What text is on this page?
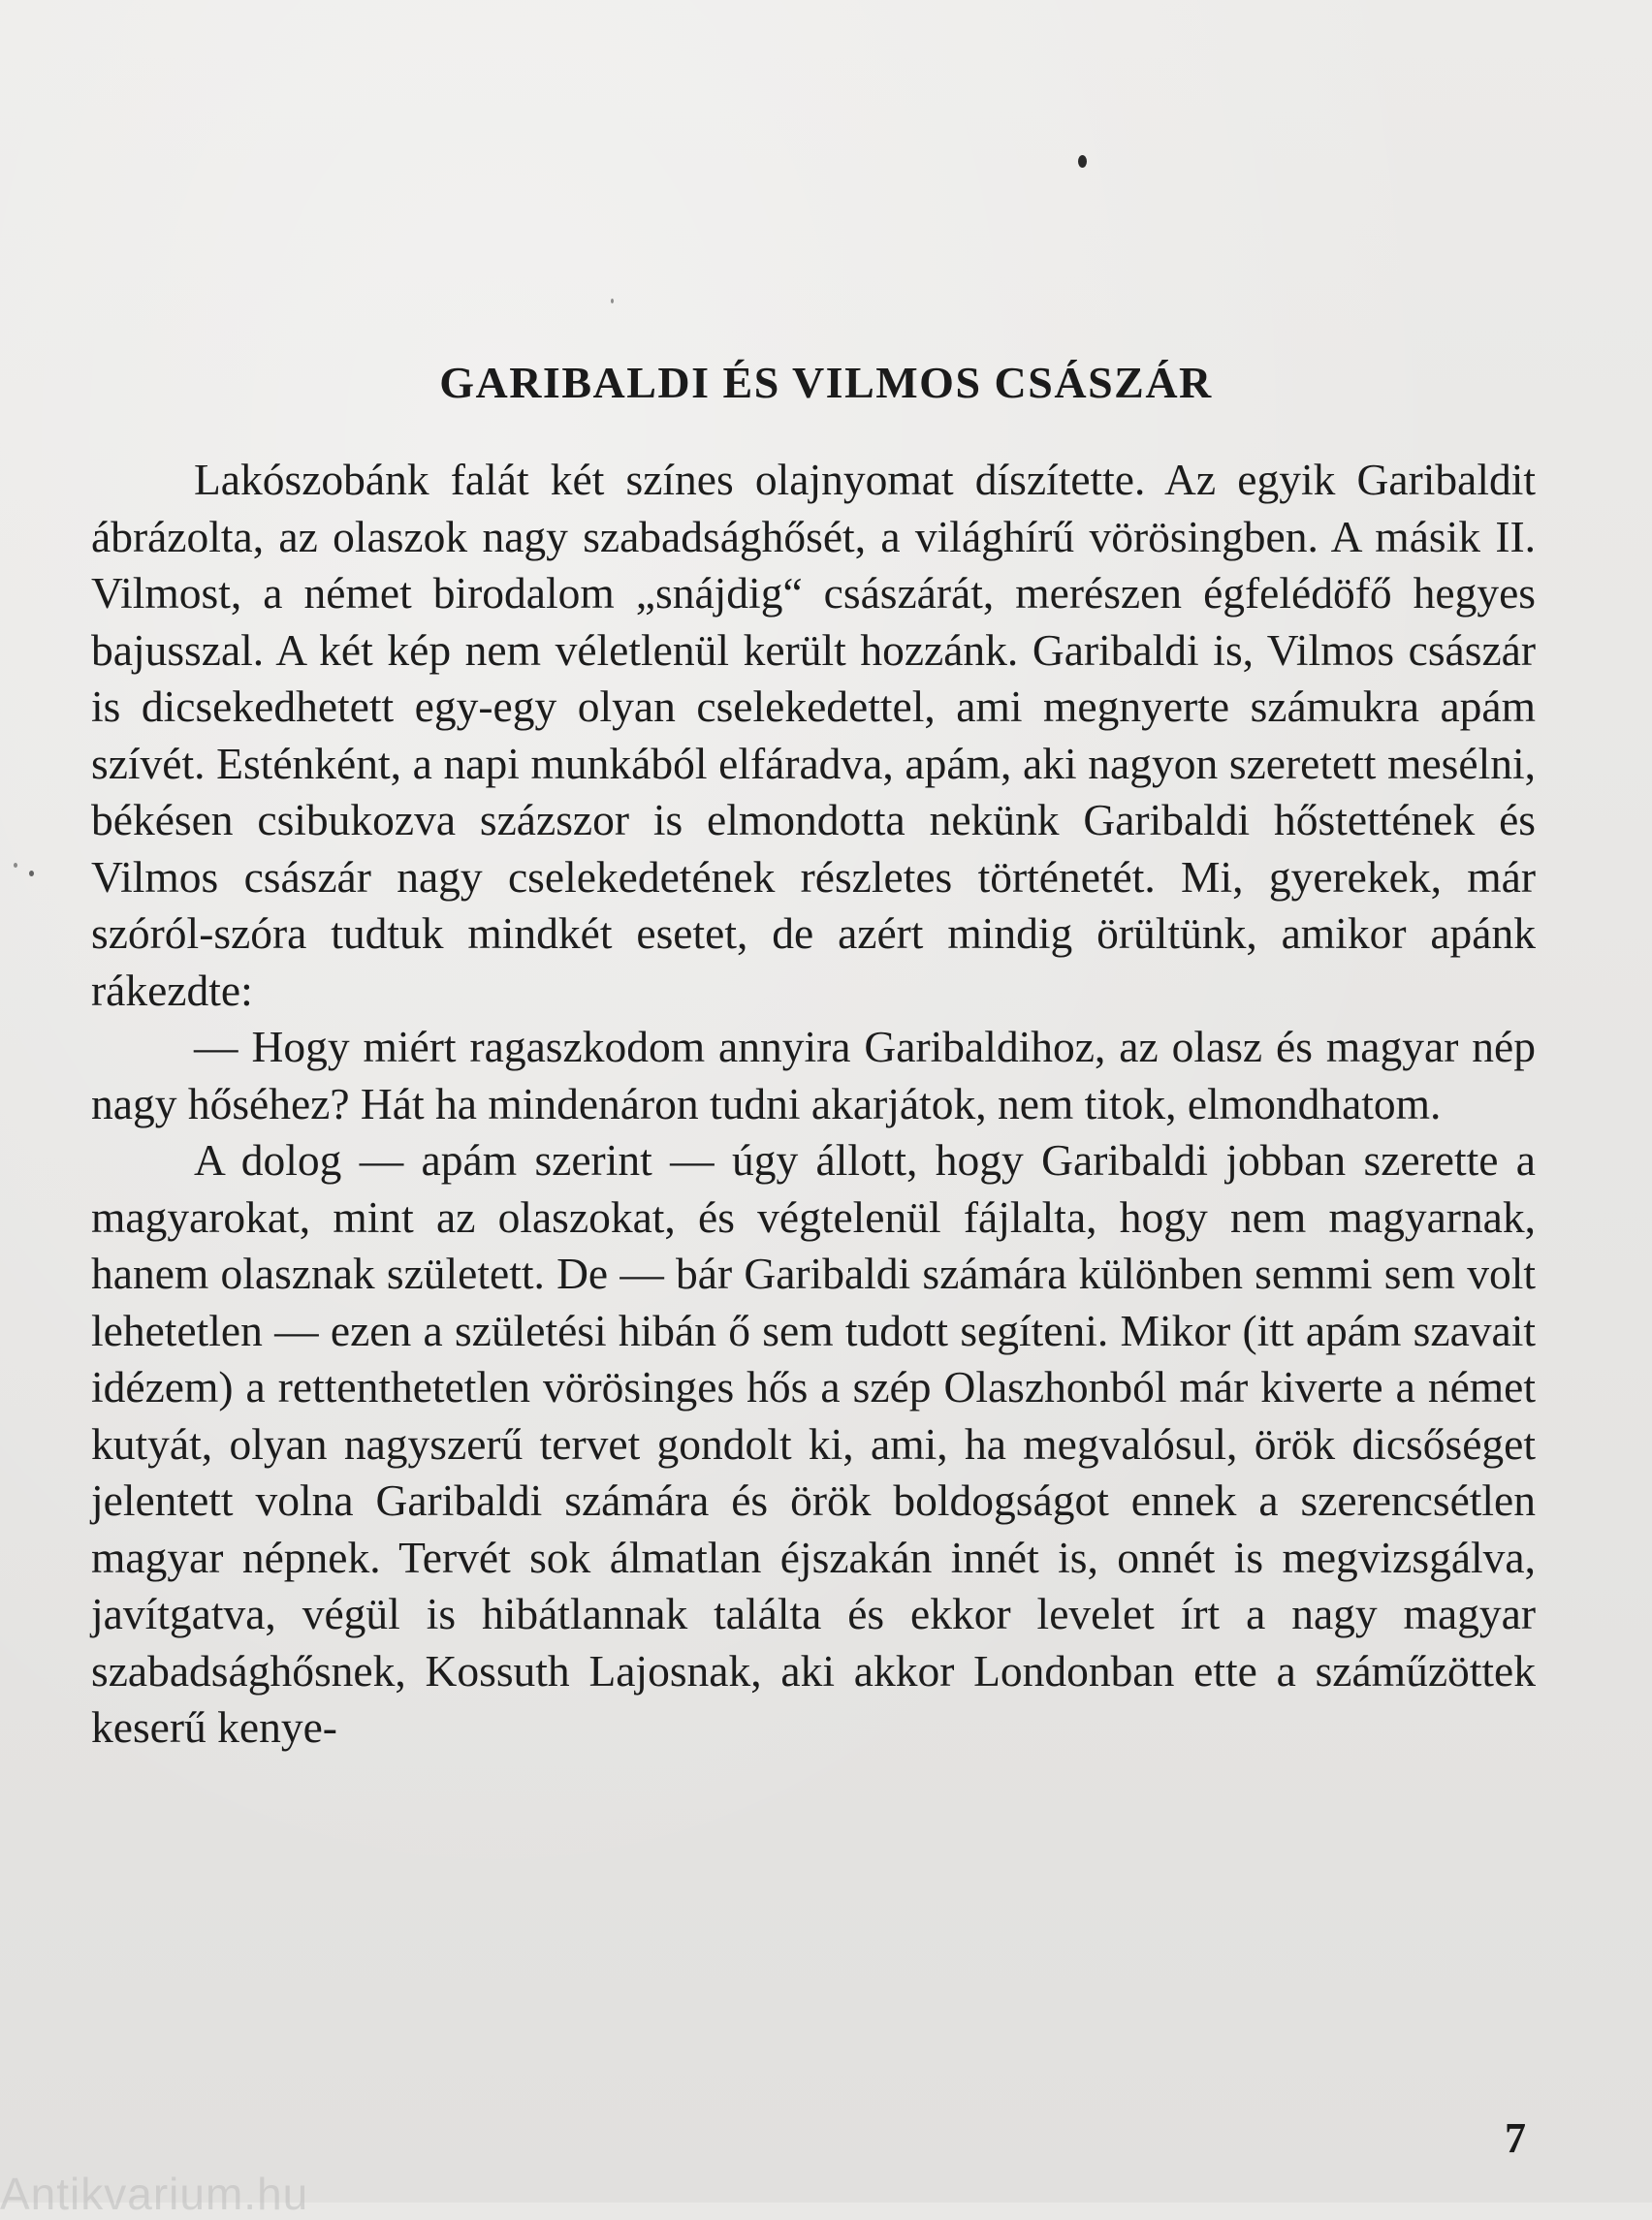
GARIBALDI ÉS VILMOS CSÁSZÁR

Lakószobánk falát két színes olajnyomat díszítette. Az egyik Garibaldit ábrázolta, az olaszok nagy szabadsághősét, a világhírű vörösingben. A másik II. Vilmost, a német birodalom „snájdig“ császárát, merészen égfelédöfő hegyes bajusszal. A két kép nem véletlenül került hozzánk. Garibaldi is, Vilmos császár is dicsekedhetett egy-egy olyan cselekedettel, ami megnyerte számukra apám szívét. Esténként, a napi munkából elfáradva, apám, aki nagyon szeretett mesélni, békésen csibukozva százszor is elmondotta nekünk Garibaldi hőstettének és Vilmos császár nagy cselekedetének részletes történetét. Mi, gyerekek, már szóról-szóra tudtuk mindkét esetet, de azért mindig örültünk, amikor apánk rákezdte:

— Hogy miért ragaszkodom annyira Garibaldihoz, az olasz és magyar nép nagy hőséhez? Hát ha mindenáron tudni akarjátok, nem titok, elmondhatom.

A dolog — apám szerint — úgy állott, hogy Garibaldi jobban szerette a magyarokat, mint az olaszokat, és végtelenül fájlalta, hogy nem magyarnak, hanem olasznak született. De — bár Garibaldi számára különben semmi sem volt lehetetlen — ezen a születési hibán ő sem tudott segíteni. Mikor (itt apám szavait idézem) a rettenthetetlen vörösinges hős a szép Olaszhonból már kiverte a német kutyát, olyan nagyszerű tervet gondolt ki, ami, ha megvalósul, örök dicsőséget jelentett volna Garibaldi számára és örök boldogságot ennek a szerencsétlen magyar népnek. Tervét sok álmatlan éjszakán innét is, onnét is megvizsgálva, javítgatva, végül is hibátlannak találta és ekkor levelet írt a nagy magyar szabadsághősnek, Kossuth Lajosnak, aki akkor Londonban ette a száműzöttek keserű kenye-

7
Antikvarium.hu
